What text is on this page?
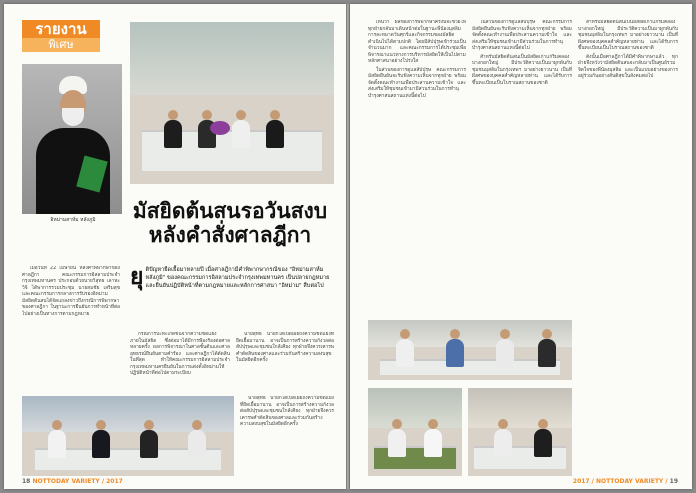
รายงาน
พิเศษ
อิหม่ามสาห์ม หลังภูมิ	มัสยิดต้นสนรอวันสงบ
หลังคำสั่งศาลฎีกา
ยุ ติปัญหายืดเยื้อมาหลายปี เมื่อศาลฎีกามีคำพิพากษากรณีของ "อิหม่ามสาห์ม หลังภูมิ" ของคณะกรรมการอิสลามประจำกรุงเทพมหานคร เป็นปลายกฎหมาย และยืนยันปฏิบัติหน้าที่ตามกฎหมายและหลักการศาสนา "อิหม่าม" สืบต่อไป

เมื่อวันที่ 22 เมษายน หลังคำพิพากษาของศาลฎีกา คณะกรรมการอิสลามประจำกรุงเทพมหานคร ประกอบด้วยนายวิสุทธ เลาหะวิจิ ได้พาการรวมประชุม นายสมชัย เสริมสุข และคณะกรรมการกลางการรับรองอิหม่าม มัสยิดต้นสนได้จัดแถลงข่าวถึงกรณีการพิพากษาของศาลฎีกา ในฐานะการยืนยันการทำหน้าที่ต่อไปอย่างเป็นทางการตามกฎหมาย

กรณีการปะทะเกิดขึ้นจากความขัดแย้งภายในมัสยิด ซึ่งต่อมาได้มีการฟ้องร้องต่อศาลหลายครั้ง ผลการพิจารณาในศาลชั้นต้นและศาลอุทธรณ์ยืนยันตามคำร้อง และศาลฎีกาได้ตัดสินในที่สุด ทำให้คณะกรรมการอิสลามประจำกรุงเทพมหานครยืนยันในการแต่งตั้งอิหม่ามให้ปฏิบัติหน้าที่ต่อไปตามระเบียบ

นายสุทธิ นายก็ได้เปิดเผยถึงความขัดแย้งที่ยืดเยื้อมานาน อาจเป็นการสร้างความกังวลต่อสัปปุรุษและชุมชนใกล้เคียง ทุกฝ่ายจึงควรเคารพคำตัดสินของศาลและร่วมกันสร้างความสงบสุขในมัสยิดอีกครั้ง

นายสุทธิ นายก็ได้เปิดเผยถึงความขัดแย้งที่ยืดเยื้อมานาน อาจเป็นการสร้างความกังวลต่อสัปปุรุษและชุมชนใกล้เคียง ทุกฝ่ายจึงควรเคารพคำตัดสินของศาลและร่วมกันสร้างความสงบสุขในมัสยิดอีกครั้ง

18 NOTTODAY VARIETY / 2017

เห็นว่า ผลของการพิพากษาครั้งนี้จะช่วยให้ทุกฝ่ายกลับมาเดินหน้าต่อในฐานะพี่น้องมุสลิม การละหมาดวันศุกร์และกิจกรรมของมัสยิดดำเนินไปได้ตามปกติ โดยมีสัปปุรุษเข้าร่วมเป็นจำนวนมาก และคณะกรรมการได้ประชุมเพื่อพิจารณาแนวทางการบริหารมัสยิดให้เป็นไปตามหลักศาสนาอย่างโปร่งใส

ในส่วนของการดูแลสัปปุรุษ คณะกรรมการมัสยิดยืนยันจะรับฟังความเห็นจากทุกฝ่าย พร้อมจัดตั้งคณะทำงานเพื่อประสานความเข้าใจ และส่งเสริมให้ชุมชนเข้ามามีส่วนร่วมในการทำนุบำรุงศาสนสถานแห่งนี้ต่อไป

ในส่วนของการดูแลสัปปุรุษ คณะกรรมการมัสยิดยืนยันจะรับฟังความเห็นจากทุกฝ่าย พร้อมจัดตั้งคณะทำงานเพื่อประสานความเข้าใจ และส่งเสริมให้ชุมชนเข้ามามีส่วนร่วมในการทำนุบำรุงศาสนสถานแห่งนี้ต่อไป

สำหรับมัสยิดต้นสนเป็นมัสยิดเก่าแก่ริมคลองบางกอกใหญ่ มีประวัติความเป็นมาผูกพันกับชุมชนมุสลิมในกรุงเทพฯ มาอย่างยาวนาน เป็นที่ฝังศพของบุคคลสำคัญหลายท่าน และได้รับการขึ้นทะเบียนเป็นโบราณสถานของชาติ

สำหรับมัสยิดต้นสนเป็นมัสยิดเก่าแก่ริมคลองบางกอกใหญ่ มีประวัติความเป็นมาผูกพันกับชุมชนมุสลิมในกรุงเทพฯ มาอย่างยาวนาน เป็นที่ฝังศพของบุคคลสำคัญหลายท่าน และได้รับการขึ้นทะเบียนเป็นโบราณสถานของชาติ

ดังนั้นเมื่อศาลฎีกาได้มีคำพิพากษาแล้ว ทุกฝ่ายจึงหวังว่ามัสยิดต้นสนจะกลับมาเป็นศูนย์รวมจิตใจของพี่น้องมุสลิม และเป็นแบบอย่างของการอยู่ร่วมกันอย่างสันติสุขในสังคมต่อไป

2017 / NOTTODAY VARIETY / 19
